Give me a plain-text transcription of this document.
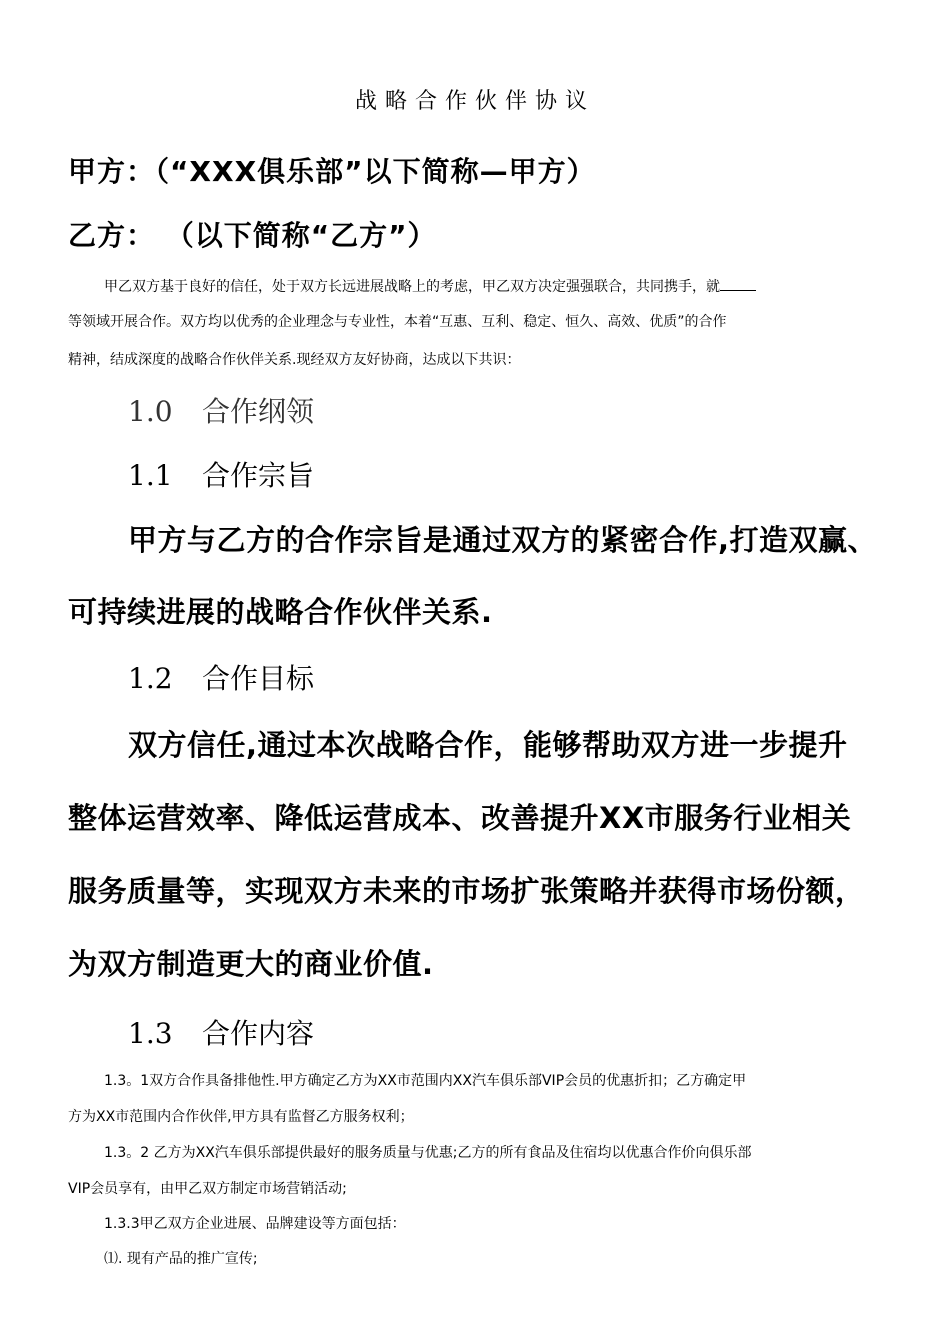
战略合作伙伴协议

甲方：（“XXX俱乐部”以下简称—甲方）

乙方： （以下简称“乙方”）

甲乙双方基于良好的信任，处于双方长远进展战略上的考虑，甲乙双方决定强强联合，共同携手，就

等领域开展合作。双方均以优秀的企业理念与专业性，本着“互惠、互利、稳定、恒久、高效、优质”的合作

精神，结成深度的战略合作伙伴关系.现经双方友好协商，达成以下共识：

1.0 合作纲领
1.1 合作宗旨

甲方与乙方的合作宗旨是通过双方的紧密合作,打造双赢、

可持续进展的战略合作伙伴关系.

1.2 合作目标

双方信任,通过本次战略合作，能够帮助双方进一步提升

整体运营效率、降低运营成本、改善提升XX市服务行业相关

服务质量等，实现双方未来的市场扩张策略并获得市场份额，

为双方制造更大的商业价值.

1.3 合作内容

1.3。1双方合作具备排他性.甲方确定乙方为XX市范围内XX汽车俱乐部VIP会员的优惠折扣；乙方确定甲

方为XX市范围内合作伙伴,甲方具有监督乙方服务权利；

1.3。2 乙方为XX汽车俱乐部提供最好的服务质量与优惠;乙方的所有食品及住宿均以优惠合作价向俱乐部

VIP会员享有，由甲乙双方制定市场营销活动;

1.3.3甲乙双方企业进展、品牌建设等方面包括：

⑴. 现有产品的推广宣传;
